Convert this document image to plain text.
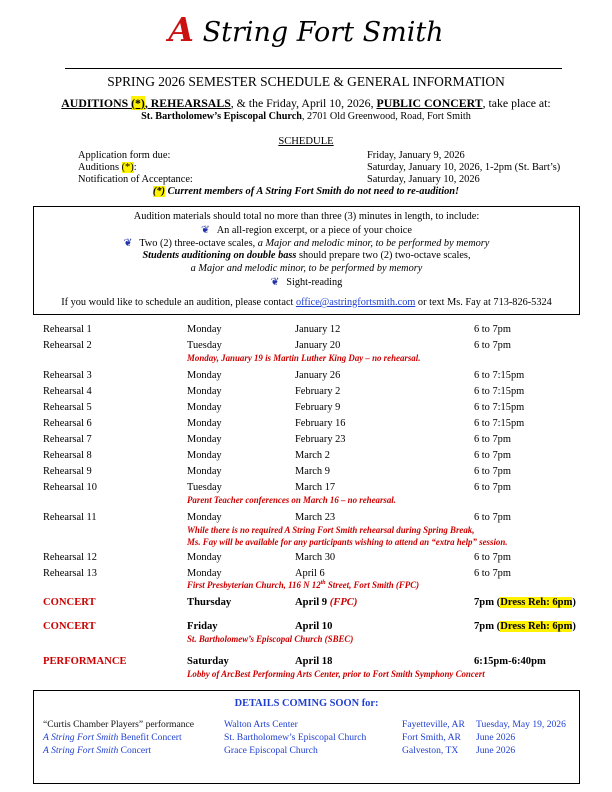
A String Fort Smith
SPRING 2026 SEMESTER SCHEDULE & GENERAL INFORMATION
AUDITIONS (*), REHEARSALS, & the Friday, April 10, 2026, PUBLIC CONCERT, take place at:
St. Bartholomew’s Episcopal Church, 2701 Old Greenwood, Road, Fort Smith
SCHEDULE
Application form due:	Friday, January 9, 2026
Auditions (*):	Saturday, January 10, 2026, 1-2pm (St. Bart’s)
Notification of Acceptance:	Saturday, January 10, 2026
(*) Current members of A String Fort Smith do not need to re-audition!
Audition materials should total no more than three (3) minutes in length, to include:
❦ An all-region excerpt, or a piece of your choice
❦ Two (2) three-octave scales, a Major and melodic minor, to be performed by memory
Students auditioning on double bass should prepare two (2) two-octave scales,
a Major and melodic minor, to be performed by memory
❦ Sight-reading
If you would like to schedule an audition, please contact office@astringfortsmith.com or text Ms. Fay at 713-826-5324
Rehearsal 1	Monday	January 12	6 to 7pm
Rehearsal 2	Tuesday	January 20	6 to 7pm
Monday, January 19 is Martin Luther King Day – no rehearsal.
Rehearsal 3	Monday	January 26	6 to 7:15pm
Rehearsal 4	Monday	February 2	6 to 7:15pm
Rehearsal 5	Monday	February 9	6 to 7:15pm
Rehearsal 6	Monday	February 16	6 to 7:15pm
Rehearsal 7	Monday	February 23	6 to 7pm
Rehearsal 8	Monday	March 2	6 to 7pm
Rehearsal 9	Monday	March 9	6 to 7pm
Rehearsal 10	Tuesday	March 17	6 to 7pm
Parent Teacher conferences on March 16 – no rehearsal.
Rehearsal 11	Monday	March 23	6 to 7pm
While there is no required A String Fort Smith rehearsal during Spring Break,
Ms. Fay will be available for any participants wishing to attend an “extra help” session.
Rehearsal 12	Monday	March 30	6 to 7pm
Rehearsal 13	Monday	April 6	6 to 7pm
First Presbyterian Church, 116 N 12th Street, Fort Smith (FPC)
CONCERT	Thursday	April 9 (FPC)	7pm (Dress Reh: 6pm)
CONCERT	Friday	April 10	7pm (Dress Reh: 6pm)
St. Bartholomew’s Episcopal Church (SBEC)
PERFORMANCE	Saturday	April 18	6:15pm-6:40pm
Lobby of ArcBest Performing Arts Center, prior to Fort Smith Symphony Concert
DETAILS COMING SOON for:
“Curtis Chamber Players” performance	Walton Arts Center	Fayetteville, AR Tuesday, May 19, 2026
A String Fort Smith Benefit Concert	St. Bartholomew’s Episcopal Church	Fort Smith, AR June 2026
A String Fort Smith Concert	Grace Episcopal Church	Galveston, TX June 2026
